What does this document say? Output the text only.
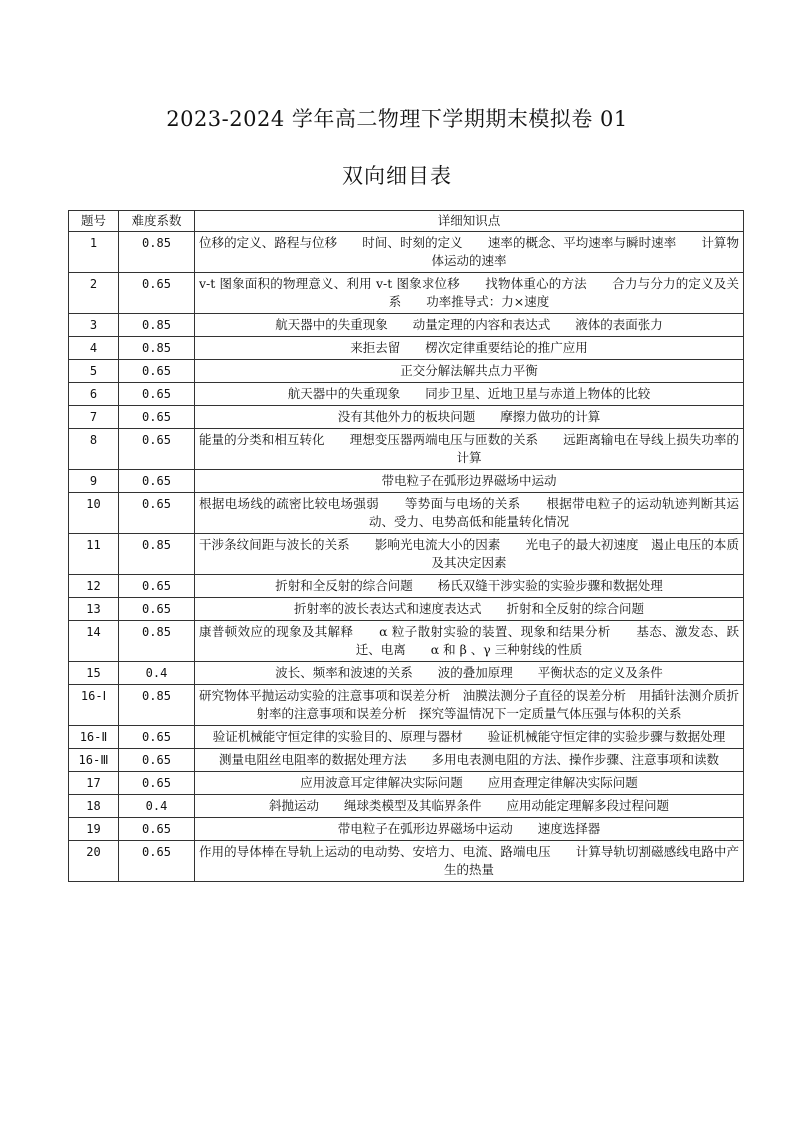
2023-2024 学年高二物理下学期期末模拟卷 01
双向细目表
题号	难度系数	详细知识点
1	0.85	位移的定义、路程与位移　　时间、时刻的定义　　速率的概念、平均速率与瞬时速率　　计算物体运动的速率
2	0.65	v-t 图象面积的物理意义、利用 v-t 图象求位移　　找物体重心的方法　　合力与分力的定义及关系　　功率推导式：力×速度
3	0.85	航天器中的失重现象　　动量定理的内容和表达式　　液体的表面张力
4	0.85	来拒去留　　楞次定律重要结论的推广应用
5	0.65	正交分解法解共点力平衡
6	0.65	航天器中的失重现象　　同步卫星、近地卫星与赤道上物体的比较
7	0.65	没有其他外力的板块问题　　摩擦力做功的计算
8	0.65	能量的分类和相互转化　　理想变压器两端电压与匝数的关系　　远距离输电在导线上损失功率的计算
9	0.65	带电粒子在弧形边界磁场中运动
10	0.65	根据电场线的疏密比较电场强弱　　等势面与电场的关系　　根据带电粒子的运动轨迹判断其运动、受力、电势高低和能量转化情况
11	0.85	干涉条纹间距与波长的关系　　影响光电流大小的因素　　光电子的最大初速度　遏止电压的本质及其决定因素
12	0.65	折射和全反射的综合问题　　杨氏双缝干涉实验的实验步骤和数据处理
13	0.65	折射率的波长表达式和速度表达式　　折射和全反射的综合问题
14	0.85	康普顿效应的现象及其解释　　α 粒子散射实验的装置、现象和结果分析　　基态、激发态、跃迁、电离　　α 和 β 、γ 三种射线的性质
15	0.4	波长、频率和波速的关系　　波的叠加原理　　平衡状态的定义及条件
16-Ⅰ	0.85	研究物体平抛运动实验的注意事项和误差分析　油膜法测分子直径的误差分析　用插针法测介质折射率的注意事项和误差分析　探究等温情况下一定质量气体压强与体积的关系
16-Ⅱ	0.65	验证机械能守恒定律的实验目的、原理与器材　　验证机械能守恒定律的实验步骤与数据处理
16-Ⅲ	0.65	测量电阻丝电阻率的数据处理方法　　多用电表测电阻的方法、操作步骤、注意事项和读数
17	0.65	应用波意耳定律解决实际问题　　应用查理定律解决实际问题
18	0.4	斜抛运动　　绳球类模型及其临界条件　　应用动能定理解多段过程问题
19	0.65	带电粒子在弧形边界磁场中运动　　速度选择器
20	0.65	作用的导体棒在导轨上运动的电动势、安培力、电流、路端电压　　计算导轨切割磁感线电路中产生的热量
